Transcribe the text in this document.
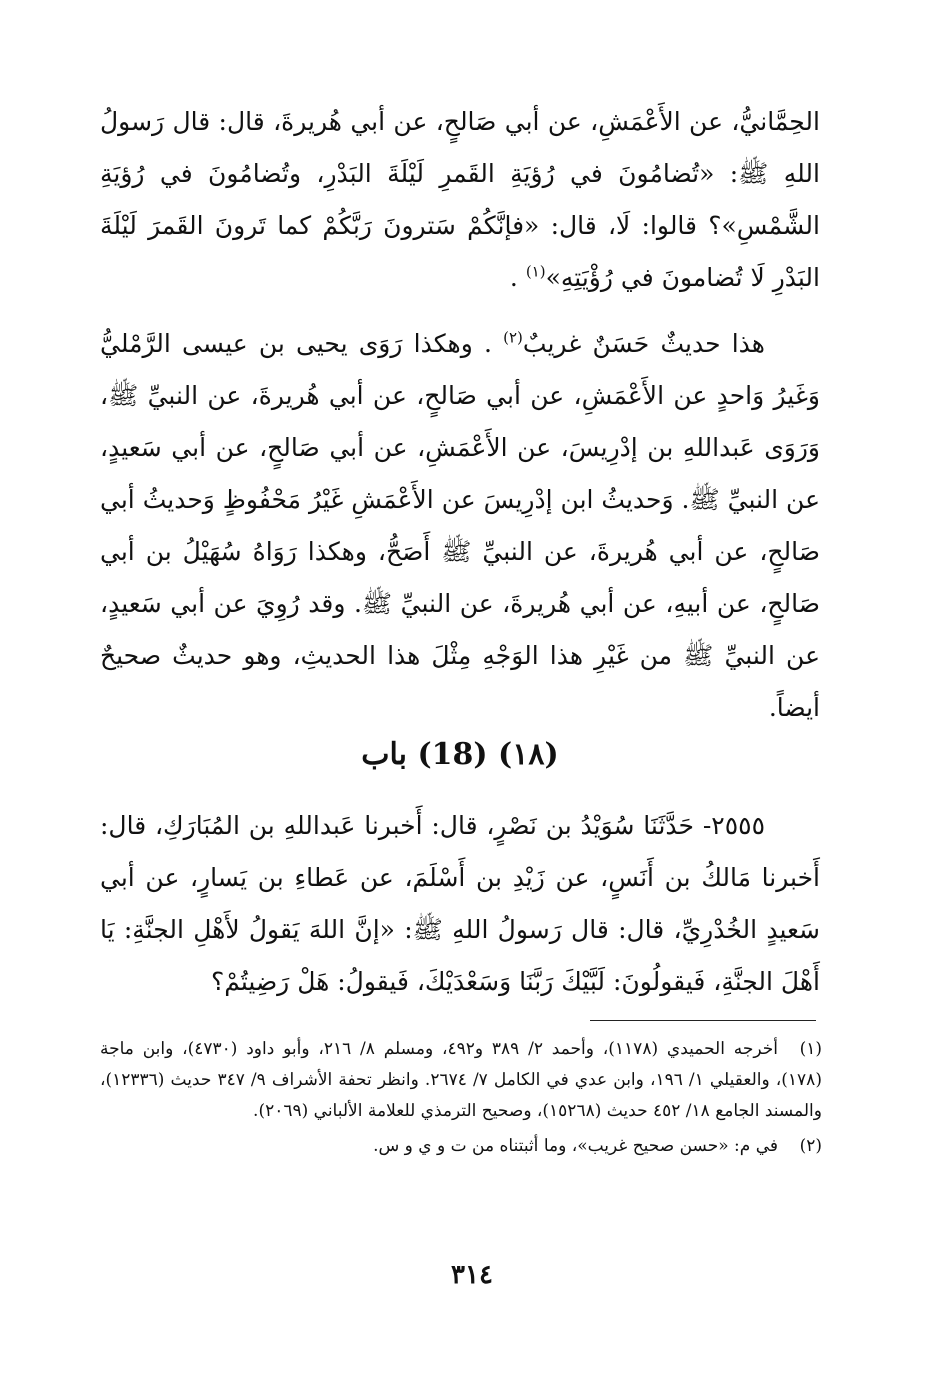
الحِمَّانيُّ، عن الأَعْمَشِ، عن أبي صَالحٍ، عن أبي هُريرةَ، قال: قال رَسولُ اللهِ ﷺ: «تُضامُونَ في رُؤيَةِ القَمرِ لَيْلَةَ البَدْرِ، وتُضامُونَ في رُؤيَةِ الشَّمْسِ»؟ قالوا: لَا، قال: «فإنَّكُمْ سَترونَ رَبَّكُمْ كما تَرونَ القَمرَ لَيْلَةَ البَدْرِ لَا تُضامونَ في رُؤْيَتِهِ»$^{(١)}$ .

هذا حديثٌ حَسَنٌ غريبٌ$^{(٢)}$ . وهكذا رَوَى يحيى بن عيسى الرَّمْليُّ وَغَيرُ وَاحدٍ عن الأَعْمَشِ، عن أبي صَالحٍ، عن أبي هُريرةَ، عن النبيِّ ﷺ، وَرَوَى عَبداللهِ بن إدْرِيسَ، عن الأَعْمَشِ، عن أبي صَالحٍ، عن أبي سَعيدٍ، عن النبيِّ ﷺ. وَحديثُ ابن إدْرِيسَ عن الأَعْمَشِ غَيْرُ مَحْفُوظٍ وَحديثُ أبي صَالحٍ، عن أبي هُريرةَ، عن النبيِّ ﷺ أَصَحُّ، وهكذا رَوَاهُ سُهَيْلُ بن أبي صَالحٍ، عن أبيهِ، عن أبي هُريرةَ، عن النبيِّ ﷺ. وقد رُوِيَ عن أبي سَعيدٍ، عن النبيِّ ﷺ من غَيْرِ هذا الوَجْهِ مِثْلَ هذا الحديثِ، وهو حديثٌ صحيحٌ أيضاً.

(١٨) (18) باب

٢٥٥٥- حَدَّثَنَا سُوَيْدُ بن نَصْرٍ، قال: أَخبرنا عَبداللهِ بن المُبَارَكِ، قال: أَخبرنا مَالكُ بن أَنَسٍ، عن زَيْدِ بن أَسْلَمَ، عن عَطاءِ بن يَسارٍ، عن أبي سَعيدٍ الخُدْرِيِّ، قال: قال رَسولُ اللهِ ﷺ: «إنَّ اللهَ يَقولُ لأَهْلِ الجنَّةِ: يَا أَهْلَ الجنَّةِ، فَيقولُونَ: لَبَّيْكَ رَبَّنَا وَسَعْدَيْكَ، فَيقولُ: هَلْ رَضِيتُمْ؟

(١)أخرجه الحميدي (١١٧٨)، وأحمد ٢/ ٣٨٩ و٤٩٢، ومسلم ٨/ ٢١٦، وأبو داود (٤٧٣٠)، وابن ماجة (١٧٨)، والعقيلي ١/ ١٩٦، وابن عدي في الكامل ٧/ ٢٦٧٤. وانظر تحفة الأشراف ٩/ ٣٤٧ حديث (١٢٣٣٦)، والمسند الجامع ١٨/ ٤٥٢ حديث (١٥٢٦٨)، وصحيح الترمذي للعلامة الألباني (٢٠٦٩).
(٢)في م: «حسن صحيح غريب»، وما أثبتناه من ت و ي و س.
٣١٤
